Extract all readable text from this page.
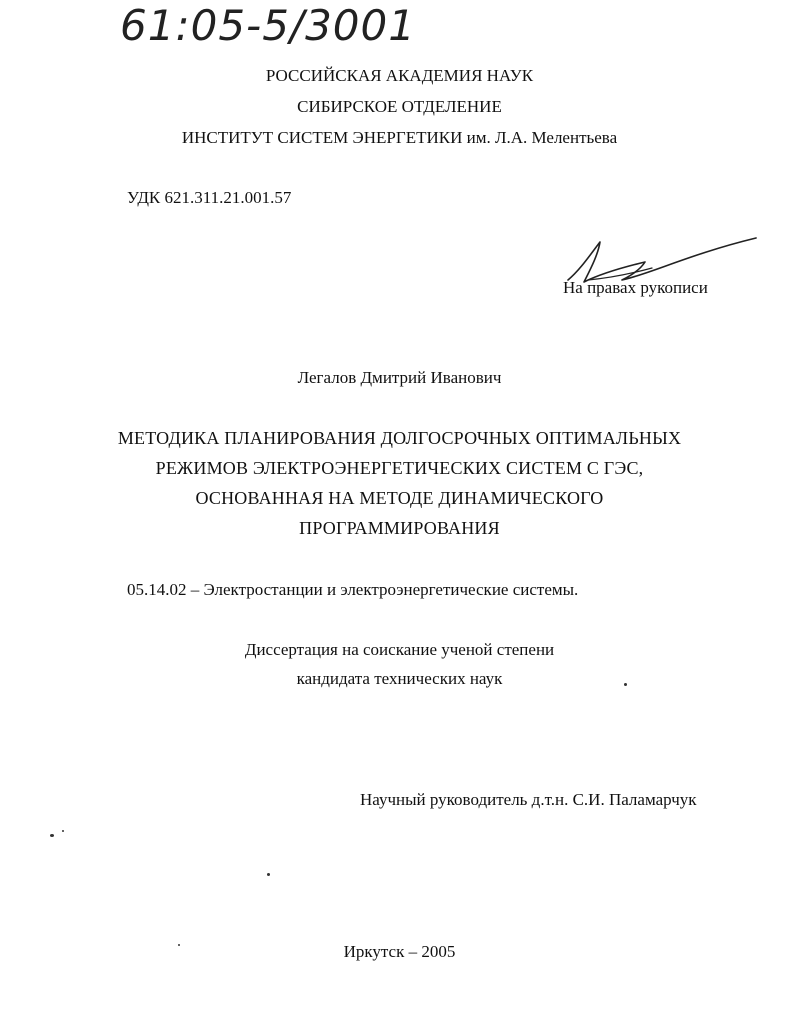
61:05-5/3001
РОССИЙСКАЯ АКАДЕМИЯ НАУК
СИБИРСКОЕ ОТДЕЛЕНИЕ
ИНСТИТУТ СИСТЕМ ЭНЕРГЕТИКИ им. Л.А. Мелентьева
УДК 621.311.21.001.57
На правах рукописи
Легалов Дмитрий Иванович
МЕТОДИКА ПЛАНИРОВАНИЯ ДОЛГОСРОЧНЫХ ОПТИМАЛЬНЫХ
РЕЖИМОВ ЭЛЕКТРОЭНЕРГЕТИЧЕСКИХ СИСТЕМ С ГЭС,
ОСНОВАННАЯ НА МЕТОДЕ ДИНАМИЧЕСКОГО
ПРОГРАММИРОВАНИЯ
05.14.02 – Электростанции и электроэнергетические системы.
Диссертация на соискание ученой степени
кандидата технических наук
Научный руководитель д.т.н. С.И. Паламарчук
Иркутск – 2005
